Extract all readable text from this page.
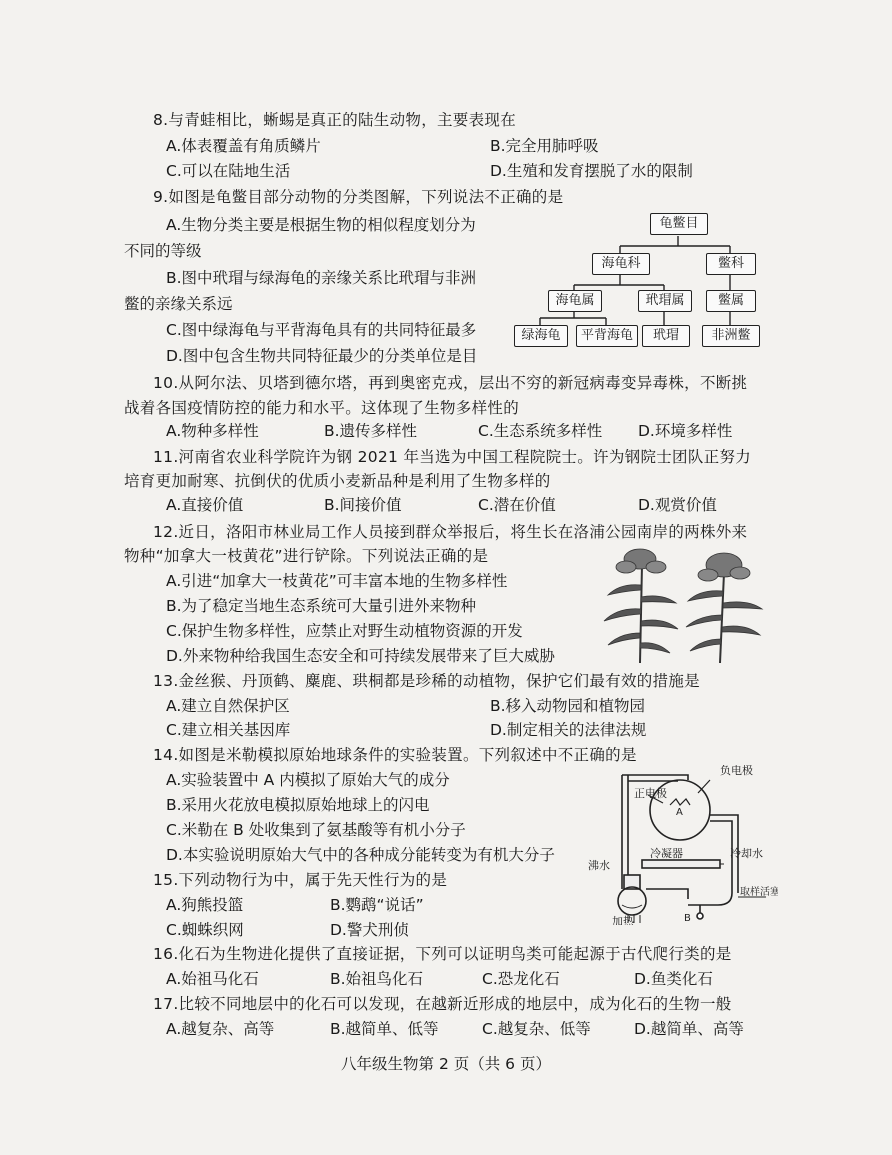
8.与青蛙相比，蜥蜴是真正的陆生动物，主要表现在
A.体表覆盖有角质鳞片	B.完全用肺呼吸
C.可以在陆地生活	D.生殖和发育摆脱了水的限制
9.如图是龟鳖目部分动物的分类图解，下列说法不正确的是
A.生物分类主要是根据生物的相似程度划分为
不同的等级
B.图中玳瑁与绿海龟的亲缘关系比玳瑁与非洲
鳖的亲缘关系远
C.图中绿海龟与平背海龟具有的共同特征最多
D.图中包含生物共同特征最少的分类单位是目
龟鳖目
海龟科	鳖科
海龟属	玳瑁属	鳖属
绿海龟	平背海龟	玳瑁	非洲鳖
10.从阿尔法、贝塔到德尔塔，再到奥密克戎，层出不穷的新冠病毒变异毒株，不断挑
战着各国疫情防控的能力和水平。这体现了生物多样性的
A.物种多样性	B.遗传多样性	C.生态系统多样性 D.环境多样性
11.河南省农业科学院许为钢 2021 年当选为中国工程院院士。许为钢院士团队正努力
培育更加耐寒、抗倒伏的优质小麦新品种是利用了生物多样的
A.直接价值	B.间接价值	C.潜在价值	D.观赏价值
12.近日，洛阳市林业局工作人员接到群众举报后，将生长在洛浦公园南岸的两株外来
物种“加拿大一枝黄花”进行铲除。下列说法正确的是
A.引进“加拿大一枝黄花”可丰富本地的生物多样性
B.为了稳定当地生态系统可大量引进外来物种
C.保护生物多样性，应禁止对野生动植物资源的开发
D.外来物种给我国生态安全和可持续发展带来了巨大威胁
13.金丝猴、丹顶鹤、麋鹿、珙桐都是珍稀的动植物，保护它们最有效的措施是
A.建立自然保护区	B.移入动物园和植物园
C.建立相关基因库	D.制定相关的法律法规
14.如图是米勒模拟原始地球条件的实验装置。下列叙述中不正确的是
A.实验装置中 A 内模拟了原始大气的成分
B.采用火花放电模拟原始地球上的闪电
C.米勒在 B 处收集到了氨基酸等有机小分子
D.本实验说明原始大气中的各种成分能转变为有机大分子
负电极
正电极
A
沸水
冷凝器	冷却水
加热
取样活塞
B
15.下列动物行为中，属于先天性行为的是
A.狗熊投篮	B.鹦鹉“说话”
C.蜘蛛织网	D.警犬刑侦
16.化石为生物进化提供了直接证据，下列可以证明鸟类可能起源于古代爬行类的是
A.始祖马化石	B.始祖鸟化石	C.恐龙化石	D.鱼类化石
17.比较不同地层中的化石可以发现，在越新近形成的地层中，成为化石的生物一般
A.越复杂、高等	B.越简单、低等	C.越复杂、低等	D.越简单、高等
八年级生物第 2 页（共 6 页）
